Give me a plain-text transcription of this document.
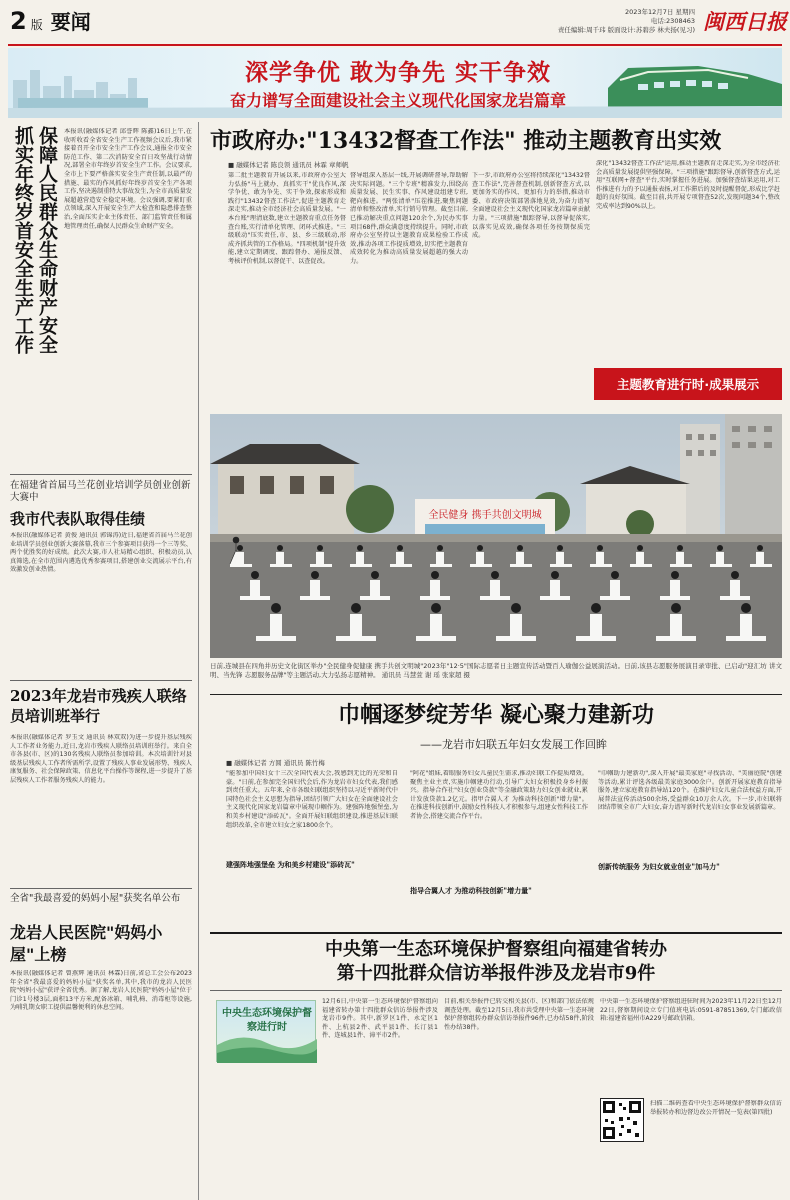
2 版 要闻	2023年12月7日 星期四
电话:2308463
责任编辑:周千玮 版面设计:苏碧莎 林夫扬(见习) 闽西日报
深学争优 敢为争先 实干争效
奋力谱写全面建设社会主义现代化国家龙岩篇章
保障人民群众生命财产安全
抓实年终岁首安全生产工作	本报讯(融媒体记者 邱誉辉 陈鑫)16日上午,在收听收看全省安全生产工作视频会议后,我市紧接着召开全市安全生产工作会议,通报全市安全防范工作、第二次消防安全百日攻坚战行动情况,部署全市年终岁首安全生产工作。会议要求,全市上下要严格落实安全生产责任制,以最严的措施、最实的作风抓好年终岁首安全生产各项工作,坚决遏制重特大事故发生,为全市高质量发展超越营造安全稳定环境。会议强调,要紧盯重点领域,深入开展安全生产大检查和隐患排查整治,全面压实企业主体责任、部门监管责任和属地管理责任,确保人民群众生命财产安全。
在福建省首届马兰花创业培训学员创业创新大赛中
我市代表队取得佳绩
本报讯(融媒体记者 黄俊 通讯员 郭锦涛)近日,福建省首届马兰花创业培训学员创业创新大赛落幕,我市三个参赛项目获得一个三等奖、两个优胜奖的好成绩。此次大赛,市人社局精心组织、积极动员,认真筛选,在全市范围内遴选优秀参赛项目,搭建创业交流展示平台,有效激发创业热情。
2023年龙岩市残疾人联络员培训班举行
本报讯(融媒体记者 罗玉文 通讯员 林双双)为进一步提升基层残疾人工作者业务能力,近日,龙岩市残疾人联络员培训班举行。来自全市各县(市、区)的130名残疾人联络员参加培训。本次培训针对县级基层残疾人工作者所需所学,设置了残疾人事业发展形势、残疾人康复服务、社会保障政策、信息化平台操作等课程,进一步提升了基层残疾人工作者服务残疾人的能力。
全省"我最喜爱的妈妈小屋"获奖名单公布
龙岩人民医院"妈妈小屋"上榜
本报讯(融媒体记者 曾燕辉 通讯员 林霖)日前,省总工会公布2023年全省"我最喜爱的妈妈小屋"获奖名单,其中,我市的龙岩人民医院"妈妈小屋"获评全省优秀。据了解,龙岩人民医院"妈妈小屋"位于门诊1号楼3层,面积13平方米,配备冰箱、哺乳椅、消毒柜等设施,为哺乳期女职工提供温馨便利的休息空间。
市政府办:"13432督查工作法" 推动主题教育出实效
■ 融媒体记者 陈良领 通讯员 林霖 章师帆
第二批主题教育开展以来,市政府办公室大力弘扬"马上就办、真抓实干"优良作风,深学争优、敢为争先、实干争效,探索形成和践行"13432督查工作法",促进主题教育走深走实,推动全市经济社会高质量发展。"一本台账"理清底数,建立主题教育重点任务督查台账,实行清单化管理、闭环式推进。"三级联动"压实责任,市、县、乡三级联动,形成齐抓共管的工作格局。"四项机制"提升效能,建立定期调度、跟踪督办、通报反馈、考核评价机制,以督促干、以查促改。
督导组深入基层一线,开展调研督导,帮助解决实际问题。"三个专班"精准发力,围绕高质量发展、民生实事、作风建设组建专班,靶向推进。"两张清单"压茬推进,聚焦问题清单和整改清单,实行销号管理。截至目前,已推动解决重点问题120余个,为民办实事项目68件,群众满意度持续提升。同时,市政府办公室坚持以主题教育成果检验工作成效,推动各项工作提质增效,切实把主题教育成效转化为推动高质量发展超越的强大动力。
下一步,市政府办公室将持续深化"13432督查工作法",完善督查机制,创新督查方式,以更加务实的作风、更加有力的举措,推动市委、市政府决策部署落地见效,为奋力谱写全面建设社会主义现代化国家龙岩篇章贡献力量。"三项措施"跟踪督导,以督导促落实,以落实见成效,确保各项任务按期保质完成。
深化"13432督查工作法"运用,推动主题教育走深走实,为全市经济社会高质量发展提供坚强保障。"三项措施"跟踪督导,创新督查方式,运用"互联网+督查"平台,实时掌握任务进展。加强督查结果运用,对工作推进有力的予以通报表扬,对工作滞后的及时提醒督促,形成比学赶超的良好氛围。截至目前,共开展专项督查52次,发现问题34个,整改完成率达到90%以上。
主题教育进行时·成果展示
全民健身 携手共创文明城
日前,连城县在四角井历史文化街区举办"全民健身促健康 携手共创文明城"2023年"12·5"国际志愿者日主题宣传活动暨百人瑜伽公益展演活动。日前,该县志愿服务展演目录审批、已启动"迎汇坊 讲文明、当先锋 志愿服务品牌"等主题活动,大力弘扬志愿精神。 通讯员 马慧萱 谢 瑶 张家超 摄
巾帼逐梦绽芳华 凝心聚力建新功
——龙岩市妇联五年妇女发展工作回眸
■ 融媒体记者 方圆 通讯员 陈竹梅
"能参加中国妇女十三次全国代表大会,我感到无比的光荣和自豪。"日前,在参加完全国妇代会后,作为龙岩市妇女代表,我们感到责任重大。五年来,全市各级妇联组织坚持以习近平新时代中国特色社会主义思想为指导,团结引领广大妇女在全面建设社会主义现代化国家龙岩篇章中展现巾帼作为。建强阵地强堡垒,为和美乡村建设"添砖瓦"。全面开展妇联组织建设,推进基层妇联组织改革,全市建立妇女之家1800余个。
建强阵地强堡垒 为和美乡村建设"添砖瓦"
"阿花"姐妹,着眼服务妇女儿童民生需求,推动妇联工作提质增效。聚焦主业主责,实施巾帼建功行动,引导广大妇女积极投身乡村振兴。指导合作社"妇女创业贷款"等金融政策助力妇女创业就业,累计发放贷款1.2亿元。指甲合翼人才 为推动科技创新"增力量"。在推进科技创新中,鼓励女性科技人才积极参与,组建女性科技工作者协会,搭建交流合作平台。
指导合翼人才 为推动科技创新"增力量"
"巾帼助力建新功",深入开展"最美家庭"寻找活动、"美丽庭院"创建等活动,累计评选各级最美家庭3000余户。创新开展家庭教育指导服务,建立家庭教育指导站120个。在维护妇女儿童合法权益方面,开展普法宣传活动500余场,受益群众10万余人次。下一步,市妇联将团结带领全市广大妇女,奋力谱写新时代龙岩妇女事业发展新篇章。
创新传统服务 为妇女就业创业"加马力"
中央第一生态环境保护督察组向福建省转办
第十四批群众信访举报件涉及龙岩市9件
中央生态环境保护督察进行时
12月6日,中央第一生态环境保护督察组向福建省转办第十四批群众信访举报件涉及龙岩市9件。其中,新罗区1件、永定区1件、上杭县2件、武平县1件、长汀县1件、连城县1件、漳平市2件。
目前,相关举报件已转交相关县(市、区)和部门依法依规调查处理。截至12月5日,我市共受理中央第一生态环境保护督察组转办群众信访举报件96件,已办结58件,阶段性办结38件。
中央第一生态环境保护督察组进驻时间为2023年11月22日至12月22日,督察期间设立专门值班电话:0591-87851369,专门邮政信箱:福建省福州市A229号邮政信箱。
扫描二维码查看中央生态环境保护督察群众信访举报转办和边督边改公开情况一览表(第四批)
